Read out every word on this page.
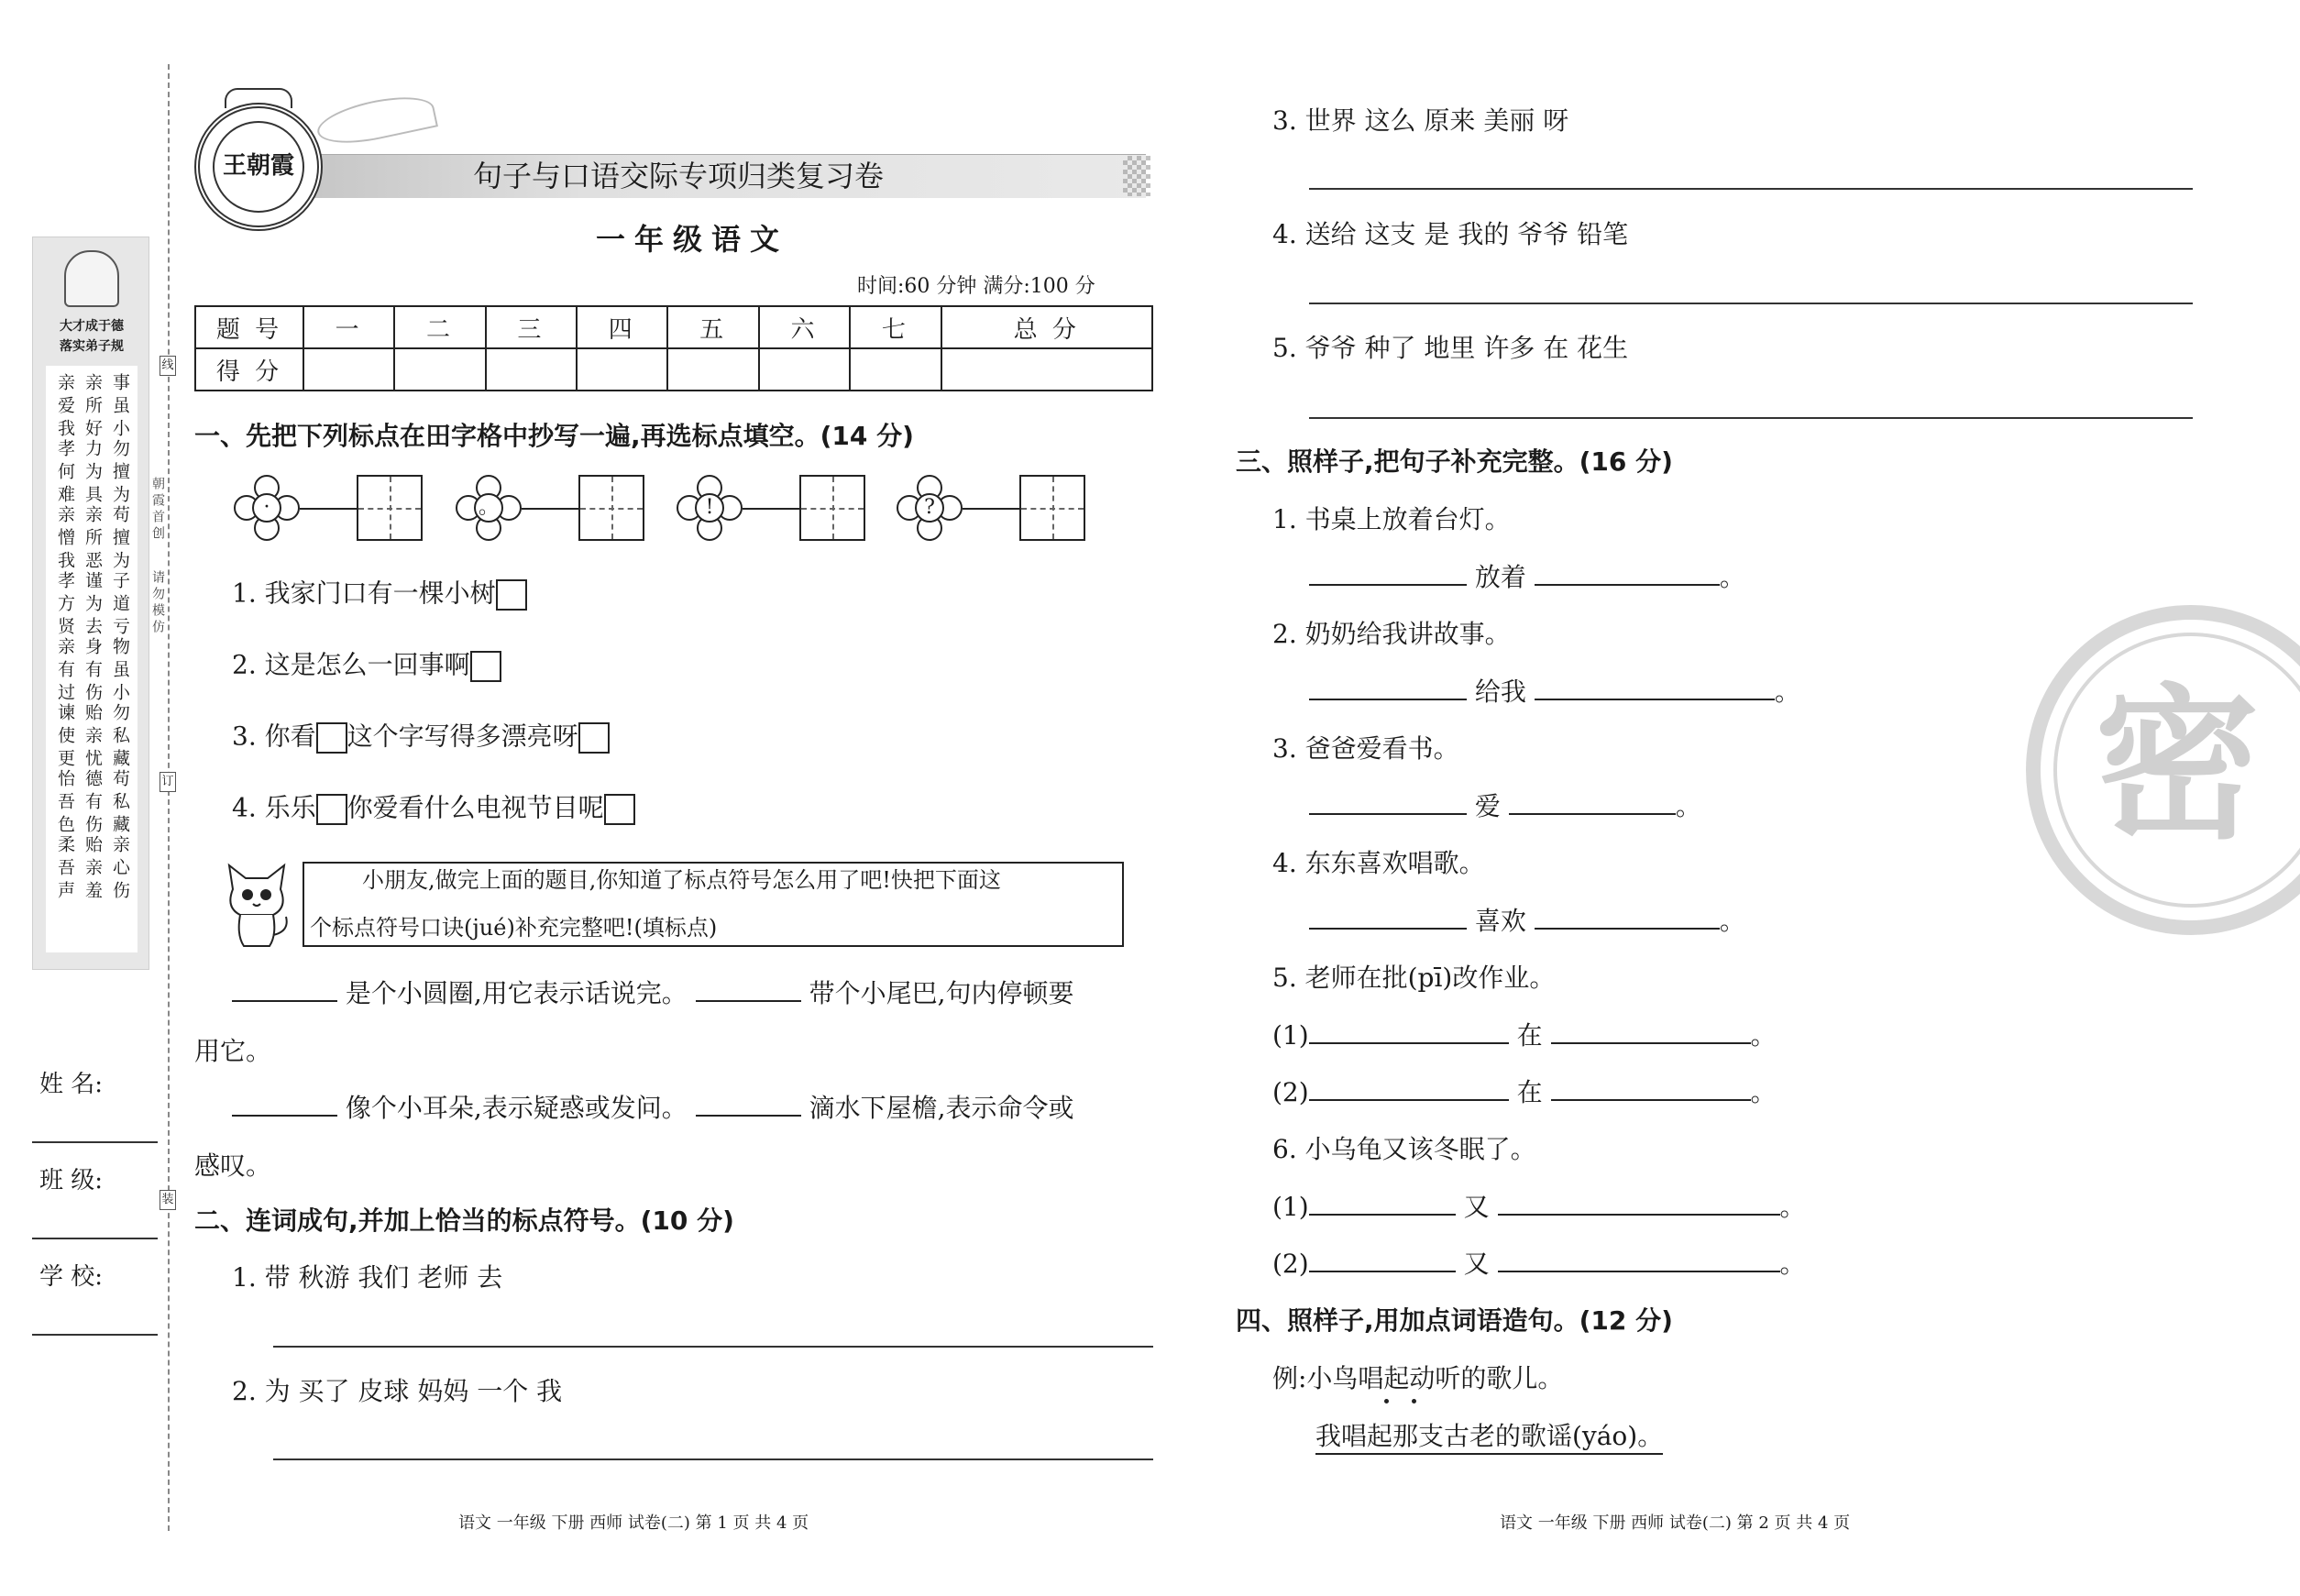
大才成于德
落实弟子规
亲爱我 亲所好 事虽小
孝何难 力为具 勿擅为
亲憎我 亲所恶 苟擅为
孝方贤 谨为去 子道亏
亲有过 身有伤 物虽小
谏使更 贻亲忧 勿私藏
怡吾色 德有伤 苟私藏
柔吾声 贻亲羞 亲心伤
姓 名:
班 级:
学 校:
线
订
装
朝霞首创
请勿模仿
王朝霞	句子与口语交际专项归类复习卷
一年级语文
时间:60 分钟 满分:100 分
题 号	一	二	三	四	五	六	七	总 分
得 分								
一、先把下列标点在田字格中抄写一遍,再选标点填空。(14 分)
·	。	!	?
1. 我家门口有一棵小树
2. 这是怎么一回事啊
3. 你看 这个字写得多漂亮呀
4. 乐乐 你爱看什么电视节目呢
小朋友,做完上面的题目,你知道了标点符号怎么用了吧!快把下面这
个标点符号口诀(jué)补充完整吧!(填标点)
是个小圆圈,用它表示话说完。	带个小尾巴,句内停顿要
用它。
像个小耳朵,表示疑惑或发问。	滴水下屋檐,表示命令或
感叹。
二、连词成句,并加上恰当的标点符号。(10 分)
1. 带 秋游 我们 老师 去
2. 为 买了 皮球 妈妈 一个 我
语文 一年级 下册 西师 试卷(二) 第 1 页 共 4 页
3. 世界 这么 原来 美丽 呀
4. 送给 这支 是 我的 爷爷 铅笔
5. 爷爷 种了 地里 许多 在 花生
三、照样子,把句子补充完整。(16 分)
1. 书桌上放着台灯。
放着	。
2. 奶奶给我讲故事。
给我	。
3. 爸爸爱看书。
爱	。
4. 东东喜欢唱歌。
喜欢	。
5. 老师在批(pī)改作业。
(1)	在	。
(2)	在	。
6. 小乌龟又该冬眠了。
(1)	又	。
(2)	又	。
四、照样子,用加点词语造句。(12 分)
例:小鸟唱起动听的歌儿。
我唱起那支古老的歌谣(yáo)。
语文 一年级 下册 西师 试卷(二) 第 2 页 共 4 页
密
